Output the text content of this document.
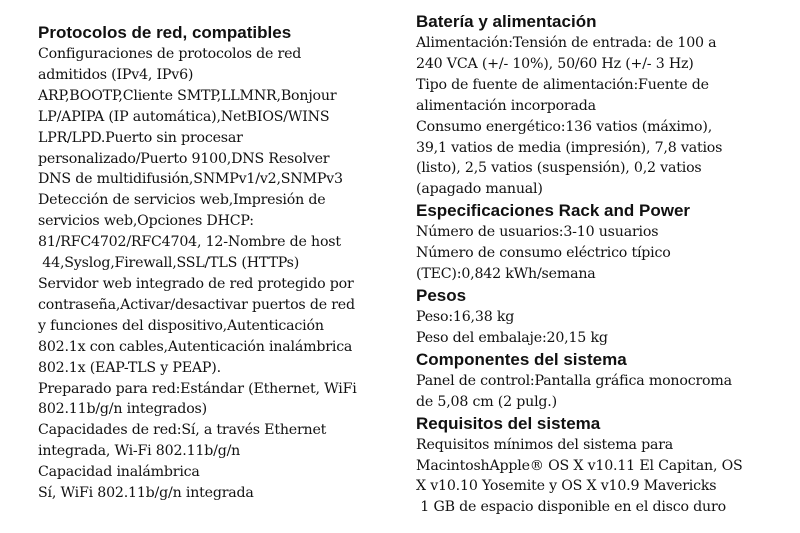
Protocolos de red, compatibles
Configuraciones de protocolos de red
admitidos (IPv4, IPv6)
ARP,BOOTP,Cliente SMTP,LLMNR,Bonjour
LP/APIPA (IP automática),NetBIOS/WINS
LPR/LPD.Puerto sin procesar
personalizado/Puerto 9100,DNS Resolver
DNS de multidifusión,SNMPv1/v2,SNMPv3
Detección de servicios web,Impresión de
servicios web,Opciones DHCP:
81/RFC4702/RFC4704, 12-Nombre de host
44,Syslog,Firewall,SSL/TLS (HTTPs)
Servidor web integrado de red protegido por
contraseña,Activar/desactivar puertos de red
y funciones del dispositivo,Autenticación
802.1x con cables,Autenticación inalámbrica
802.1x (EAP-TLS y PEAP).
Preparado para red:Estándar (Ethernet, WiFi
802.11b/g/n integrados)
Capacidades de red:Sí, a través Ethernet
integrada, Wi-Fi 802.11b/g/n
Capacidad inalámbrica
Sí, WiFi 802.11b/g/n integrada
Batería y alimentación
Alimentación:Tensión de entrada: de 100 a
240 VCA (+/- 10%), 50/60 Hz (+/- 3 Hz)
Tipo de fuente de alimentación:Fuente de
alimentación incorporada
Consumo energético:136 vatios (máximo),
39,1 vatios de media (impresión), 7,8 vatios
(listo), 2,5 vatios (suspensión), 0,2 vatios
(apagado manual)
Especificaciones Rack and Power
Número de usuarios:3-10 usuarios
Número de consumo eléctrico típico
(TEC):0,842 kWh/semana
Pesos
Peso:16,38 kg
Peso del embalaje:20,15 kg
Componentes del sistema
Panel de control:Pantalla gráfica monocroma
de 5,08 cm (2 pulg.)
Requisitos del sistema
Requisitos mínimos del sistema para
MacintoshApple® OS X v10.11 El Capitan, OS
X v10.10 Yosemite y OS X v10.9 Mavericks
1 GB de espacio disponible en el disco duro
